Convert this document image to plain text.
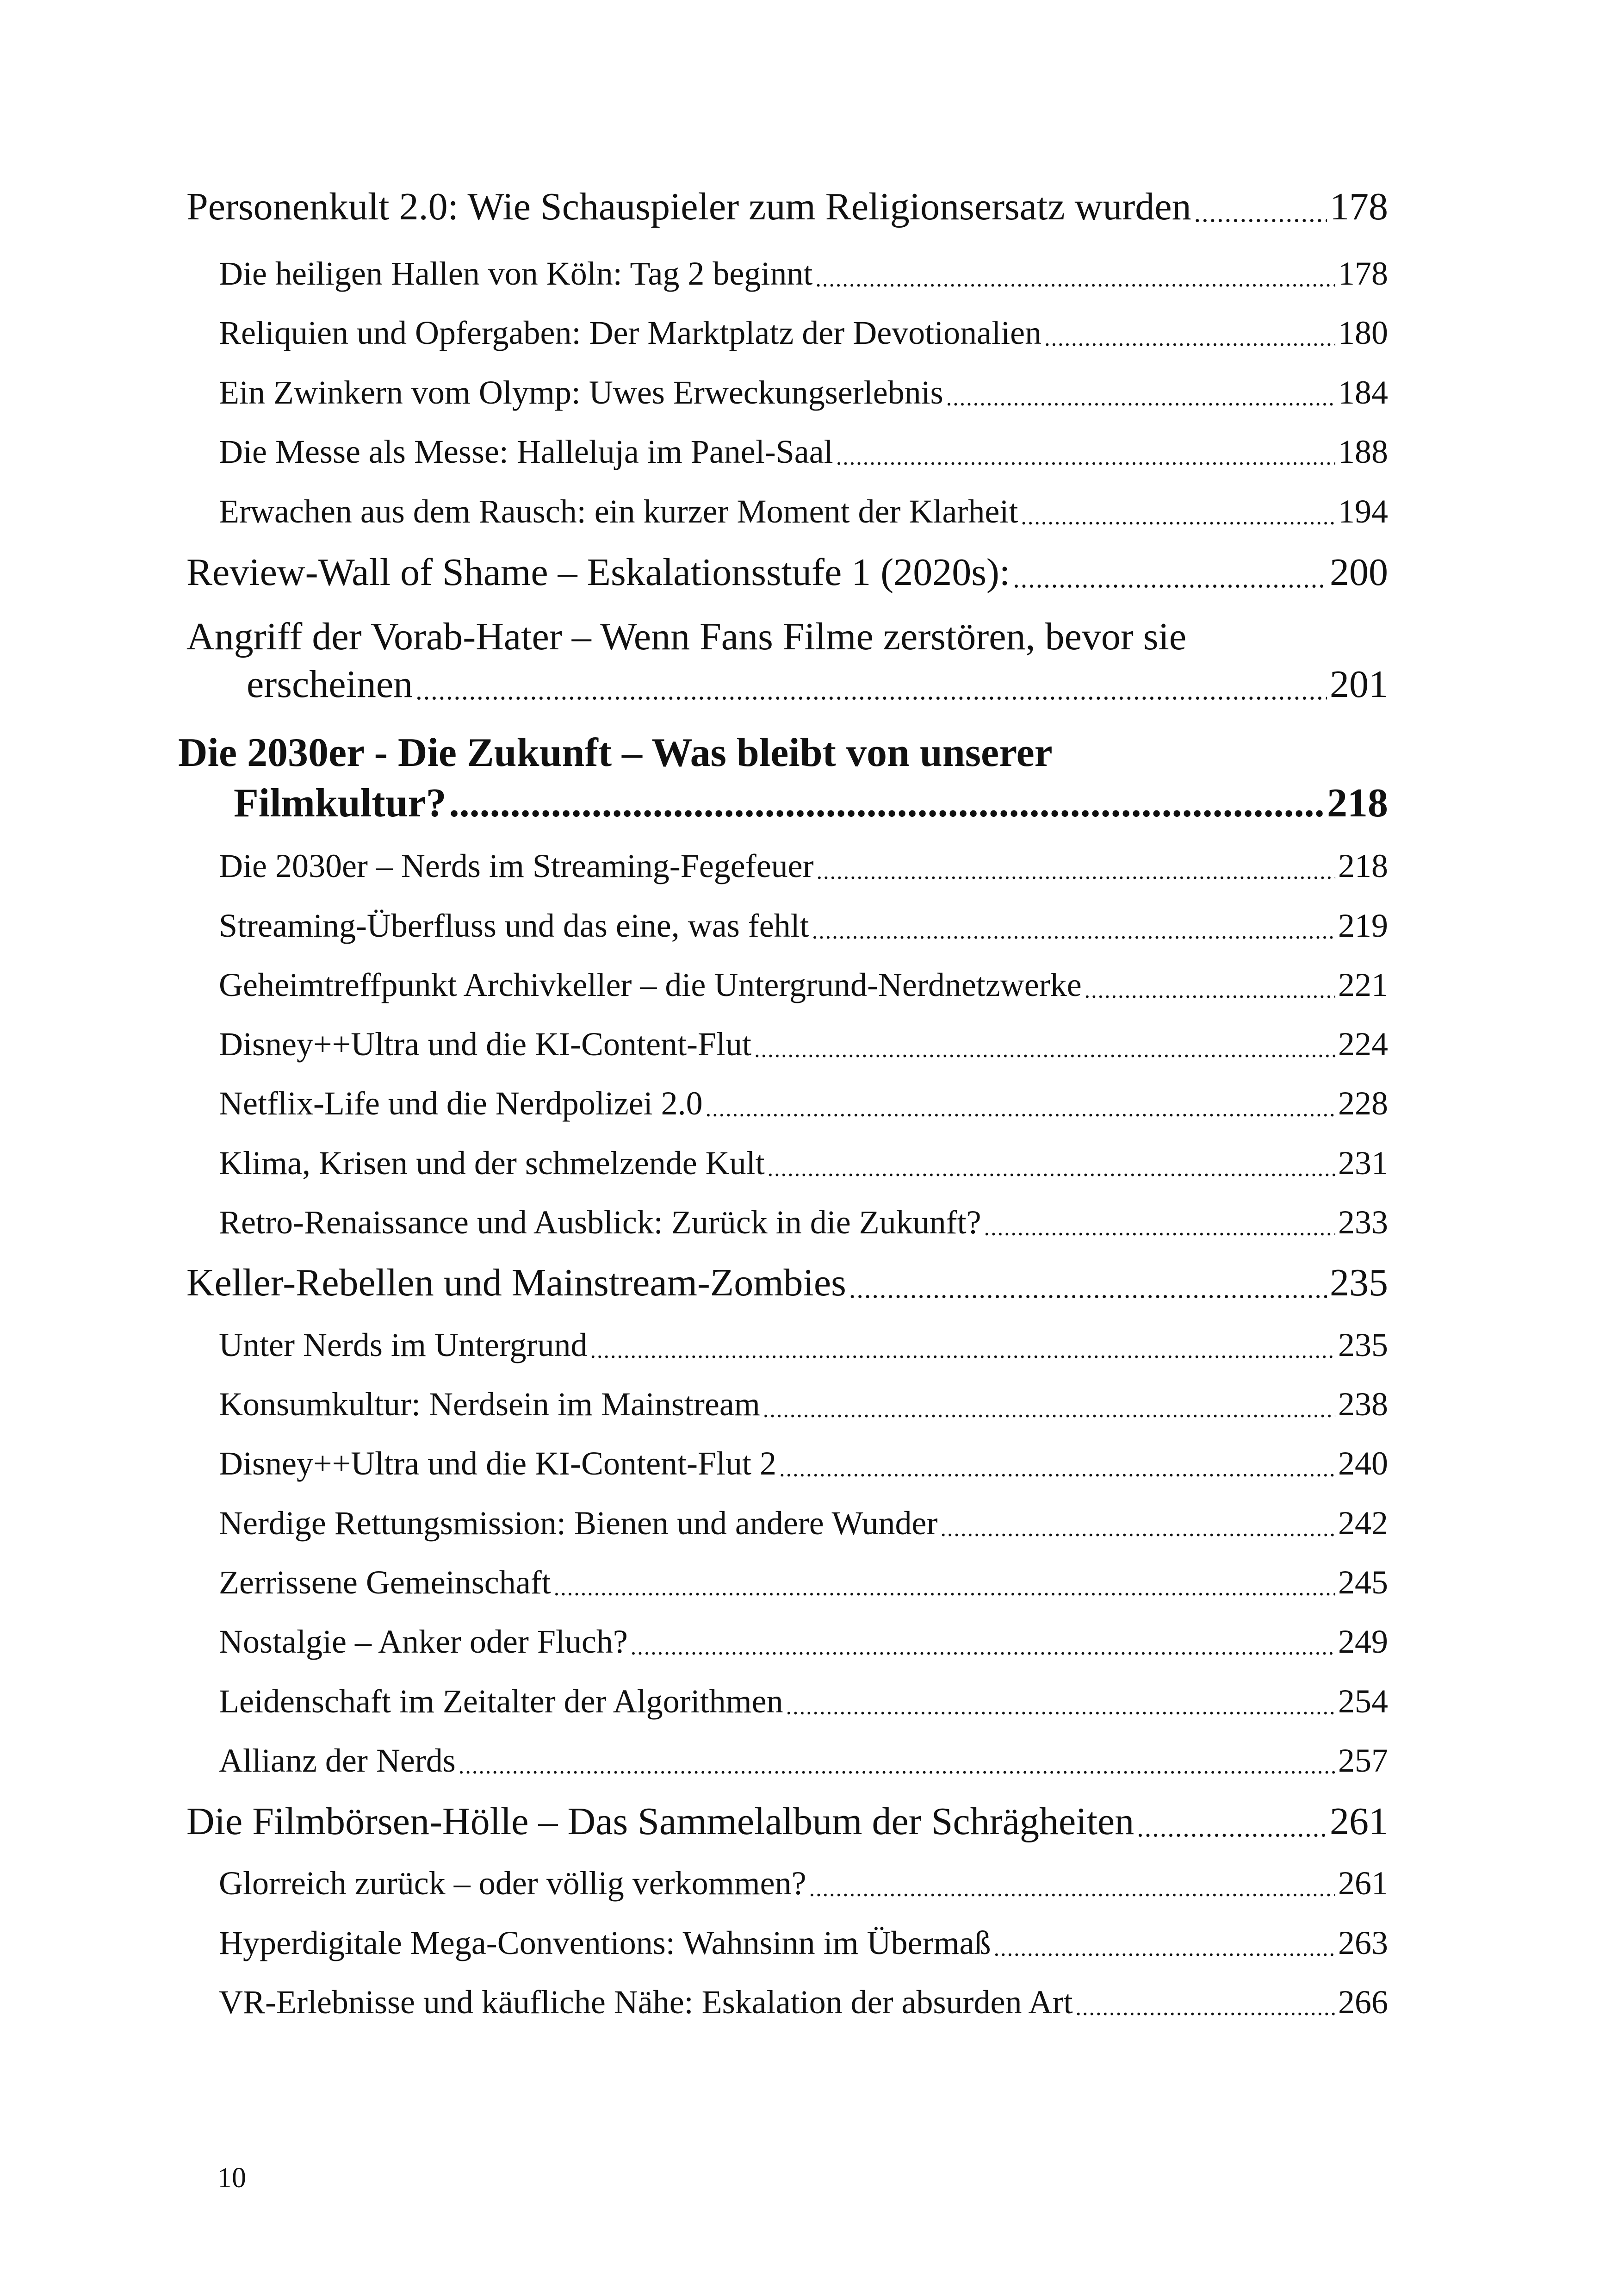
Personenkult 2.0: Wie Schauspieler zum Religionsersatz wurden .....	178
Die heiligen Hallen von Köln: Tag 2 beginnt .....	178
Reliquien und Opfergaben: Der Marktplatz der Devotionalien .....	180
Ein Zwinkern vom Olymp: Uwes Erweckungserlebnis .....	184
Die Messe als Messe: Halleluja im Panel-Saal .....	188
Erwachen aus dem Rausch: ein kurzer Moment der Klarheit .....	194
Review-Wall of Shame – Eskalationsstufe 1 (2020s): .....	200
Angriff der Vorab-Hater – Wenn Fans Filme zerstören, bevor sie
erscheinen .....	201
Die 2030er - Die Zukunft – Was bleibt von unserer
Filmkultur? .....	218
Die 2030er – Nerds im Streaming-Fegefeuer .....	218
Streaming-Überfluss und das eine, was fehlt .....	219
Geheimtreffpunkt Archivkeller – die Untergrund-Nerdnetzwerke .....	221
Disney++Ultra und die KI-Content-Flut .....	224
Netflix-Life und die Nerdpolizei 2.0 .....	228
Klima, Krisen und der schmelzende Kult .....	231
Retro-Renaissance und Ausblick: Zurück in die Zukunft? .....	233
Keller-Rebellen und Mainstream-Zombies .....	235
Unter Nerds im Untergrund .....	235
Konsumkultur: Nerdsein im Mainstream .....	238
Disney++Ultra und die KI-Content-Flut 2 .....	240
Nerdige Rettungsmission: Bienen und andere Wunder .....	242
Zerrissene Gemeinschaft .....	245
Nostalgie – Anker oder Fluch? .....	249
Leidenschaft im Zeitalter der Algorithmen .....	254
Allianz der Nerds .....	257
Die Filmbörsen-Hölle – Das Sammelalbum der Schrägheiten .....	261
Glorreich zurück – oder völlig verkommen? .....	261
Hyperdigitale Mega-Conventions: Wahnsinn im Übermaß .....	263
VR-Erlebnisse und käufliche Nähe: Eskalation der absurden Art .....	266
10
